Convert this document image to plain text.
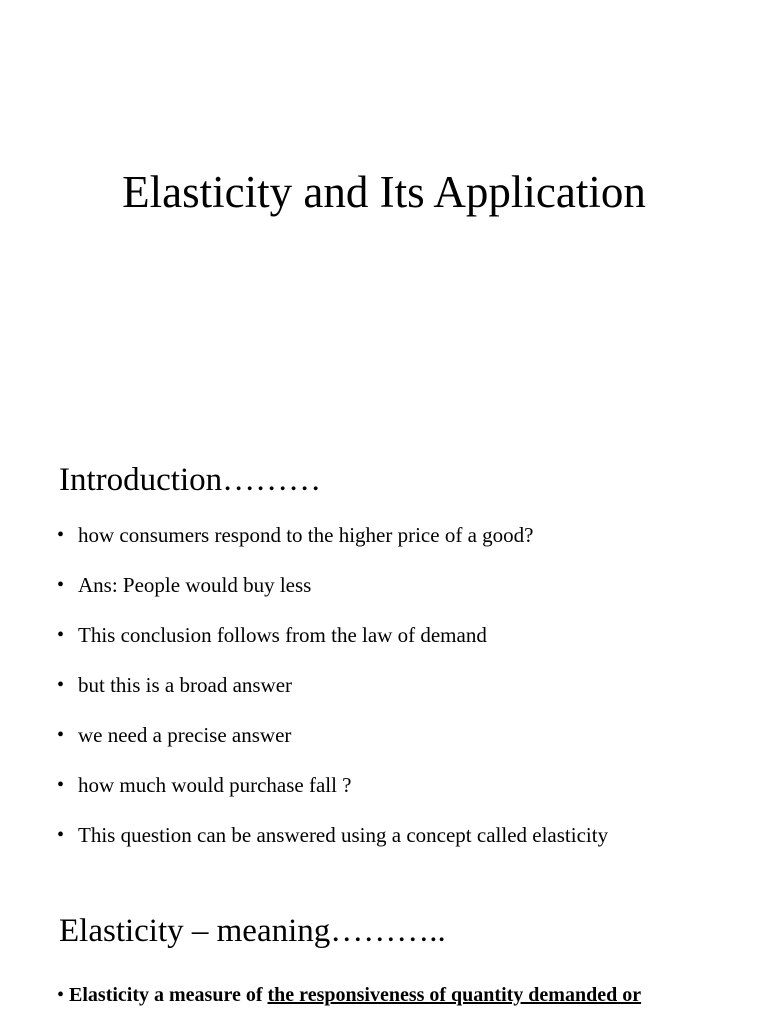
Elasticity and Its Application
Introduction………
• how consumers respond to the higher price of a good?
• Ans: People would buy less
• This conclusion follows from the law of demand
• but this is a broad answer
• we need a precise answer
• how much would purchase fall ?
• This question can be answered using a concept called elasticity
Elasticity – meaning………..

• Elasticity a measure of the responsiveness of quantity demanded or
